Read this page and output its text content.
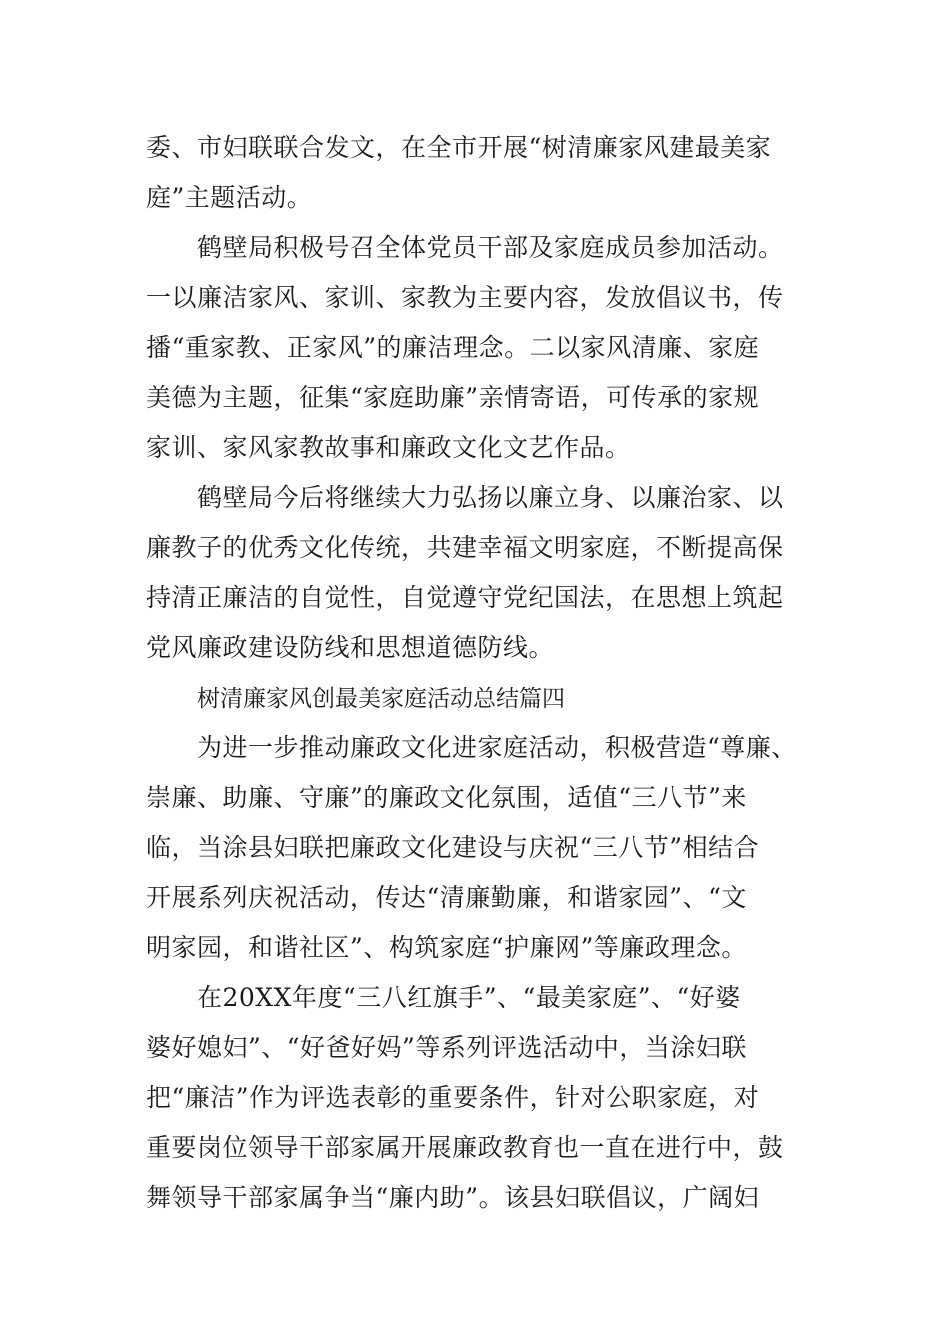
委、市妇联联合发文，在全市开展“树清廉家风建最美家
庭”主题活动。
鹤壁局积极号召全体党员干部及家庭成员参加活动。
一以廉洁家风、家训、家教为主要内容，发放倡议书，传
播“重家教、正家风”的廉洁理念。二以家风清廉、家庭
美德为主题，征集“家庭助廉”亲情寄语，可传承的家规
家训、家风家教故事和廉政文化文艺作品。
鹤壁局今后将继续大力弘扬以廉立身、以廉治家、以
廉教子的优秀文化传统，共建幸福文明家庭，不断提高保
持清正廉洁的自觉性，自觉遵守党纪国法，在思想上筑起
党风廉政建设防线和思想道德防线。
树清廉家风创最美家庭活动总结篇四
为进一步推动廉政文化进家庭活动，积极营造“尊廉、
崇廉、助廉、守廉”的廉政文化氛围，适值“三八节”来
临，当涂县妇联把廉政文化建设与庆祝“三八节”相结合
开展系列庆祝活动，传达“清廉勤廉，和谐家园”、“文
明家园，和谐社区”、构筑家庭“护廉网”等廉政理念。
在20XX年度“三八红旗手”、“最美家庭”、“好婆
婆好媳妇”、“好爸好妈”等系列评选活动中，当涂妇联
把“廉洁”作为评选表彰的重要条件，针对公职家庭，对
重要岗位领导干部家属开展廉政教育也一直在进行中，鼓
舞领导干部家属争当“廉内助”。该县妇联倡议，广阔妇
